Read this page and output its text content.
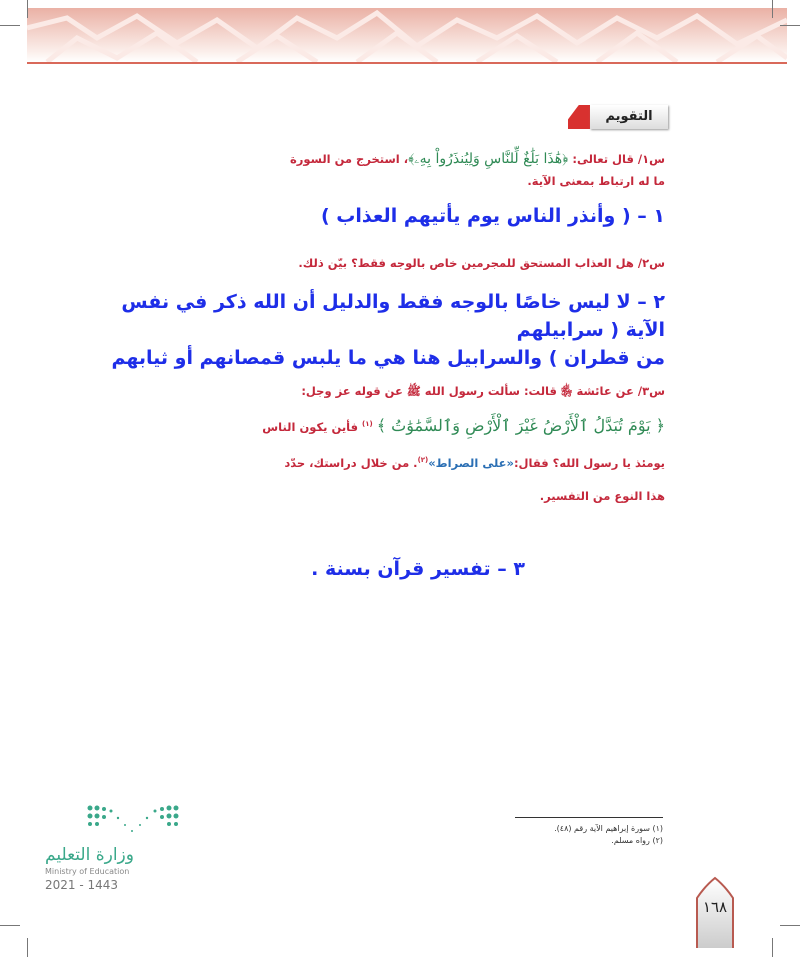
التقويم
س١/ قال تعالى: ﴿هَٰذَا بَلَٰغٌ لِّلنَّاسِ وَلِيُنذَرُواْ بِهِۦ﴾، استخرج من السورة
ما له ارتباط بمعنى الآية.
١ – ( وأنذر الناس يوم يأتيهم العذاب )
س٢/ هل العذاب المستحق للمجرمين خاص بالوجه فقط؟ بيّن ذلك.
٢ – لا ليس خاصًا بالوجه فقط والدليل أن الله ذكر في نفس الآية ( سرابيلهم
من قطران ) والسرابيل هنا هي ما يلبس قمصانهم أو ثيابهم
س٣/ عن عائشة ﵂ قالت: سألت رسول الله ﷺ عن قوله عز وجل:
﴿ يَوْمَ تُبَدَّلُ ٱلْأَرْضُ غَيْرَ ٱلْأَرْضِ وَٱلسَّمَٰوَٰتُ ﴾ $^{(١)}$ فأين يكون الناس
يومئذ يا رسول الله؟ فقال:«على الصراط»$^{(٢)}$. من خلال دراستك، حدّد
هذا النوع من التفسير.
٣ – تفسير قرآن بسنة .
(١) سورة إبراهيم الآية رقم (٤٨).
(٢) رواه مسلم.
وزارة التعليم
Ministry of Education
2021 - 1443
١٦٨
